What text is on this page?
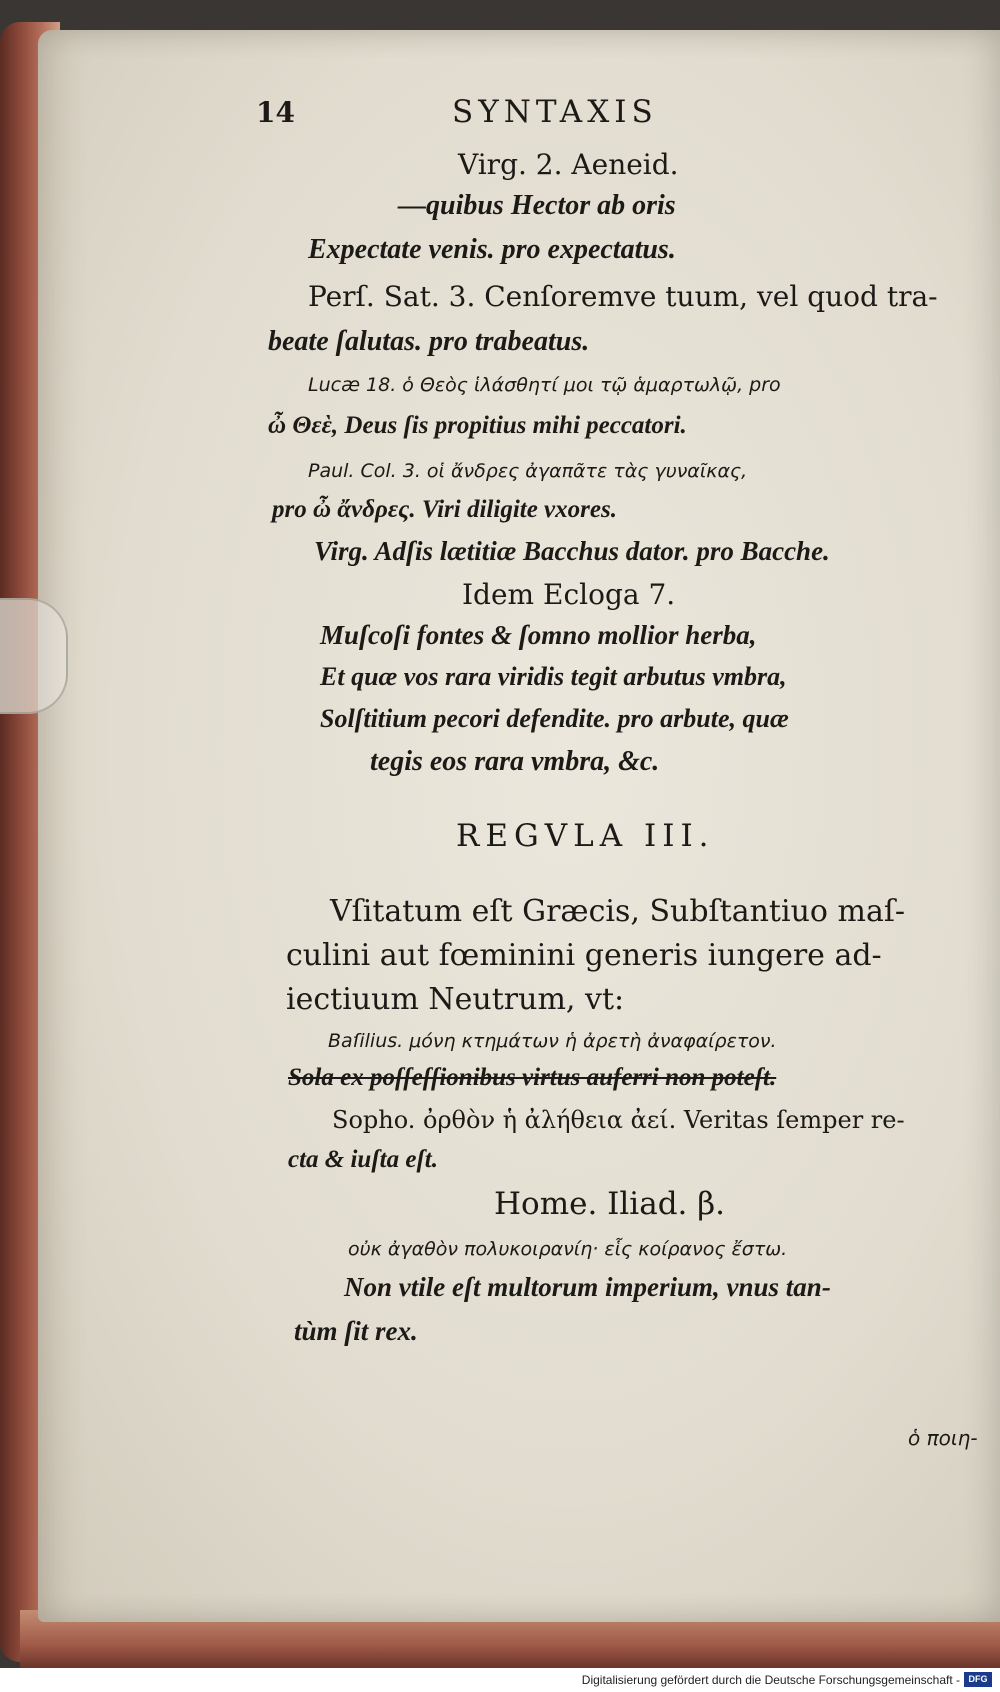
14	SYNTAXIS
Virg. 2. Aeneid.
—quibus Hector ab oris
Expectate venis. pro expectatus.
Perſ. Sat. 3. Cenſoremve tuum, vel quod tra-
beate ſalutas. pro trabeatus.
Lucæ 18. ὁ Θεὸς ἱλάσθητί μοι τῷ ἁμαρτωλῷ, pro
ὦ Θεὲ, Deus ſis propitius mihi peccatori.
Paul. Col. 3. οἱ ἄνδρες ἀγαπᾶτε τὰς γυναῖκας,
pro ὦ ἄνδρες. Viri diligite vxores.
Virg. Adſis lætitiæ Bacchus dator. pro Bacche.
Idem Ecloga 7.
Muſcoſi fontes & ſomno mollior herba,
Et quæ vos rara viridis tegit arbutus vmbra,
Solſtitium pecori defendite. pro arbute, quæ
tegis eos rara vmbra, &c.
REGVLA III.
Vſitatum eſt Græcis, Subſtantiuo maſ-
culini aut fœminini generis iungere ad-
iectiuum Neutrum, vt:
Baſilius. μόνη κτημάτων ἡ ἀρετὴ ἀναφαίρετον.
Sola ex poſſeſſionibus virtus auferri non poteſt.
Sopho. ὀρθὸν ἡ ἀλήθεια ἀεί. Veritas ſemper re-
cta & iuſta eſt.
Home. Iliad. β.
οὐκ ἀγαθὸν πολυκοιρανίη· εἷς κοίρανος ἔστω.
Non vtile eſt multorum imperium, vnus tan-
tùm ſit rex.
ὁ ποιη-
Digitalisierung gefördert durch die Deutsche Forschungsgemeinschaft - DFG
